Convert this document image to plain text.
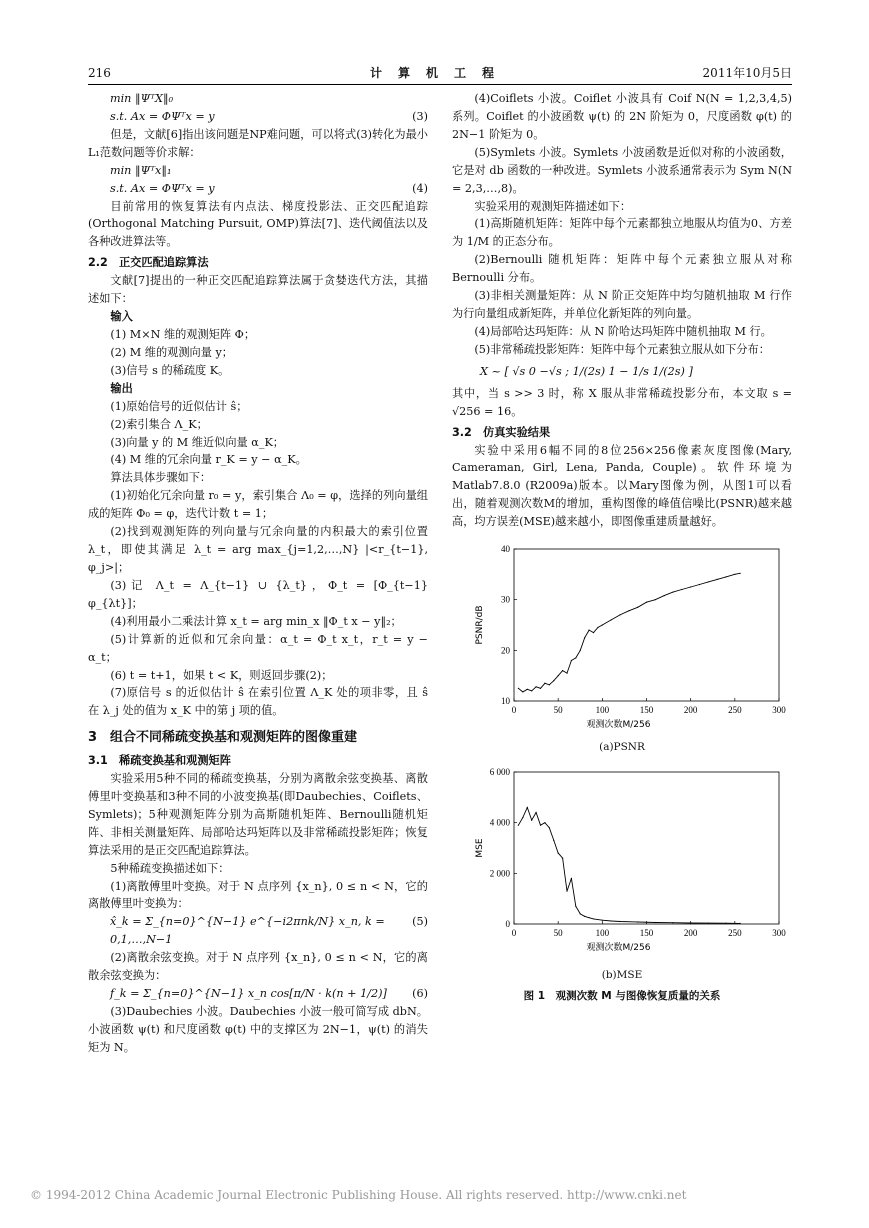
216	计算机工程	2011年10月5日
min ‖ΨᵀX‖₀
s.t. Ax = ΦΨᵀx = y	(3)
但是，文献[6]指出该问题是NP难问题，可以将式(3)转化为最小L₁范数问题等价求解：
min ‖Ψᵀx‖₁
s.t. Ax = ΦΨᵀx = y	(4)
目前常用的恢复算法有内点法、梯度投影法、正交匹配追踪(Orthogonal Matching Pursuit, OMP)算法[7]、迭代阈值法以及各种改进算法等。
2.2　正交匹配追踪算法
文献[7]提出的一种正交匹配追踪算法属于贪婪迭代方法，其描述如下：
输入
(1) M×N 维的观测矩阵 Φ；
(2) M 维的观测向量 y；
(3)信号 s 的稀疏度 K。
输出
(1)原始信号的近似估计 ŝ；
(2)索引集合 Λ_K；
(3)向量 y 的 M 维近似向量 α_K；
(4) M 维的冗余向量 r_K = y − α_K。
算法具体步骤如下：
(1)初始化冗余向量 r₀ = y，索引集合 Λ₀ = φ，选择的列向量组成的矩阵 Φ₀ = φ，迭代计数 t = 1；
(2)找到观测矩阵的列向量与冗余向量的内积最大的索引位置 λ_t，即使其满足 λ_t = arg max_{j=1,2,…,N} |<r_{t−1}, φ_j>|；
(3)记 Λ_t = Λ_{t−1} ∪ {λ_t}，Φ_t = [Φ_{t−1} φ_{λt}]；
(4)利用最小二乘法计算 x_t = arg min_x ‖Φ_t x − y‖₂；
(5)计算新的近似和冗余向量：α_t = Φ_t x_t，r_t = y − α_t；
(6) t = t+1，如果 t < K，则返回步骤(2)；
(7)原信号 s 的近似估计 ŝ 在索引位置 Λ_K 处的项非零，且 ŝ 在 λ_j 处的值为 x_K 中的第 j 项的值。
3　组合不同稀疏变换基和观测矩阵的图像重建
3.1　稀疏变换基和观测矩阵
实验采用5种不同的稀疏变换基，分别为离散余弦变换基、离散傅里叶变换基和3种不同的小波变换基(即Daubechies、Coiflets、Symlets)；5种观测矩阵分别为高斯随机矩阵、Bernoulli随机矩阵、非相关测量矩阵、局部哈达玛矩阵以及非常稀疏投影矩阵；恢复算法采用的是正交匹配追踪算法。
5种稀疏变换描述如下：
(1)离散傅里叶变换。对于 N 点序列 {x_n}, 0 ≤ n < N，它的离散傅里叶变换为：
x̂_k = Σ_{n=0}^{N−1} e^{−i2πnk/N} x_n, k = 0,1,…,N−1
(5)
(2)离散余弦变换。对于 N 点序列 {x_n}, 0 ≤ n < N，它的离散余弦变换为：
f_k = Σ_{n=0}^{N−1} x_n cos[π/N · k(n + 1/2)] (6)
(3)Daubechies 小波。Daubechies 小波一般可简写成 dbN。小波函数 ψ(t) 和尺度函数 φ(t) 中的支撑区为 2N−1，ψ(t) 的消失矩为 N。
(4)Coiflets 小波。Coiflet 小波具有 Coif N(N = 1,2,3,4,5) 系列。Coiflet 的小波函数 ψ(t) 的 2N 阶矩为 0，尺度函数 φ(t) 的 2N−1 阶矩为 0。
(5)Symlets 小波。Symlets 小波函数是近似对称的小波函数，它是对 db 函数的一种改进。Symlets 小波系通常表示为 Sym N(N = 2,3,…,8)。
实验采用的观测矩阵描述如下：
(1)高斯随机矩阵：矩阵中每个元素都独立地服从均值为0、方差为 1/M 的正态分布。
(2)Bernoulli 随机矩阵：矩阵中每个元素独立服从对称 Bernoulli 分布。
(3)非相关测量矩阵：从 N 阶正交矩阵中均匀随机抽取 M 行作为行向量组成新矩阵，并单位化新矩阵的列向量。
(4)局部哈达玛矩阵：从 N 阶哈达玛矩阵中随机抽取 M 行。
(5)非常稀疏投影矩阵：矩阵中每个元素独立服从如下分布：
X ~ [ √s 0 −√s ; 1/(2s) 1 − 1/s 1/(2s) ]
其中，当 s >> 3 时，称 X 服从非常稀疏投影分布，本文取 s = √256 = 16。
3.2　仿真实验结果
实验中采用6幅不同的8位256×256像素灰度图像(Mary, Cameraman, Girl, Lena, Panda, Couple)。软件环境为Matlab7.8.0 (R2009a)版本。以Mary图像为例，从图1可以看出，随着观测次数M的增加，重构图像的峰值信噪比(PSNR)越来越高，均方误差(MSE)越来越小，即图像重建质量越好。
0	50	100	150	200	250	300
10
20
30
40
观测次数M/256
PSNR/dB
(a)PSNR
0	50	100	150	200	250	300
0
2 000
4 000
6 000
观测次数M/256
MSE
(b)MSE
图 1　观测次数 M 与图像恢复质量的关系
© 1994-2012 China Academic Journal Electronic Publishing House. All rights reserved. http://www.cnki.net
